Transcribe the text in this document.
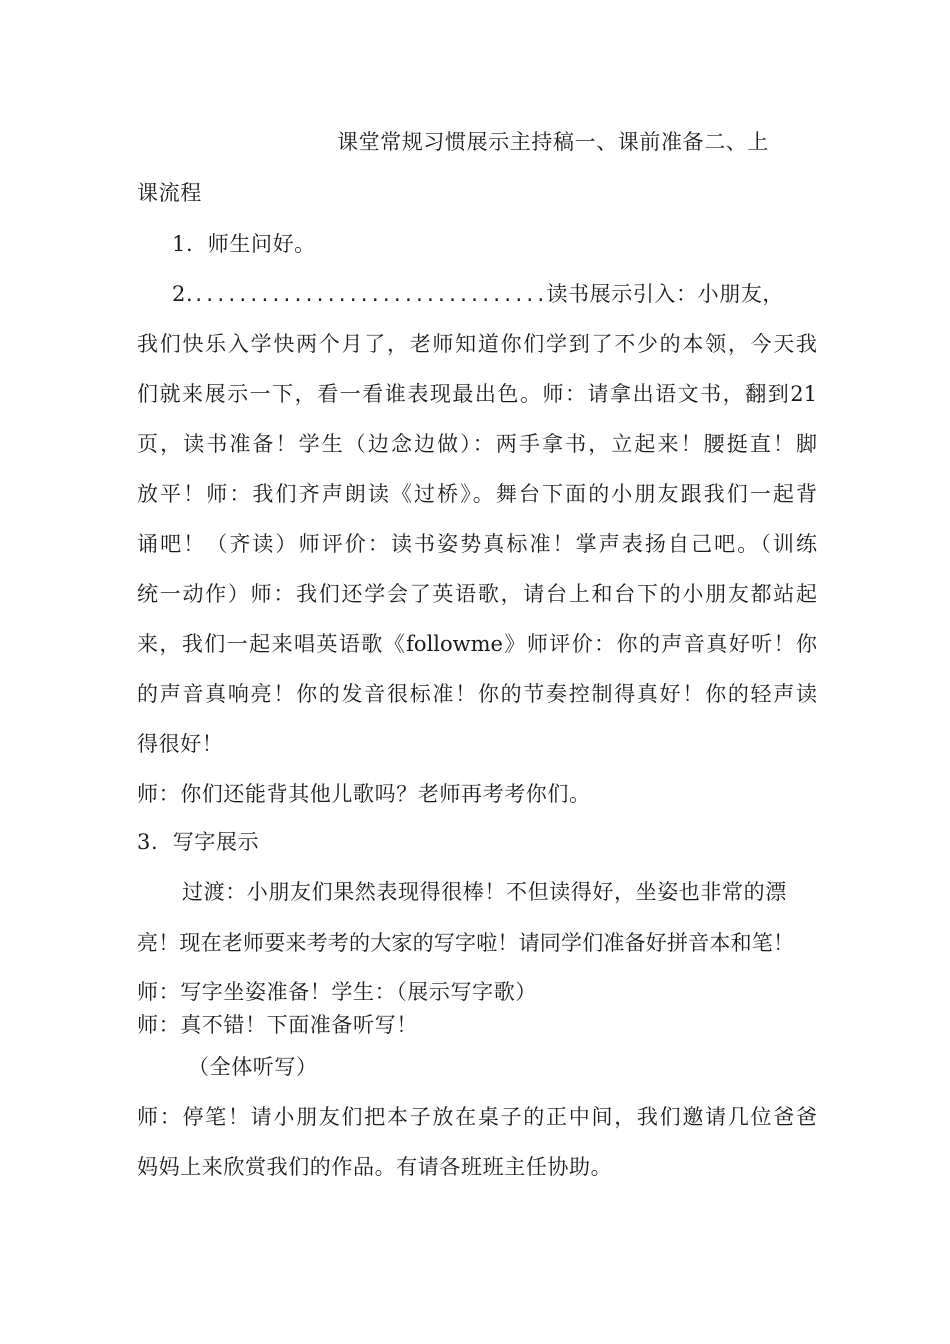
课堂常规习惯展示主持稿一、课前准备二、上
课流程
1.  师生问好。
2.................................读书展示引入：小朋友，
我们快乐入学快两个月了，老师知道你们学到了不少的本领，今天我
们就来展示一下，看一看谁表现最出色。师：请拿出语文书，翻到21
页，读书准备！学生（边念边做）：两手拿书，立起来！腰挺直！脚
放平！师：我们齐声朗读《过桥》。舞台下面的小朋友跟我们一起背
诵吧！（齐读）师评价：读书姿势真标准！掌声表扬自己吧。（训练
统一动作）师：我们还学会了英语歌，请台上和台下的小朋友都站起
来，我们一起来唱英语歌《followme》师评价：你的声音真好听！你
的声音真响亮！你的发音很标准！你的节奏控制得真好！你的轻声读
得很好！
师：你们还能背其他儿歌吗？老师再考考你们。
3.  写字展示
过渡：小朋友们果然表现得很棒！不但读得好，坐姿也非常的漂
亮！现在老师要来考考的大家的写字啦！请同学们准备好拼音本和笔！
师：写字坐姿准备！学生：（展示写字歌）
师：真不错！下面准备听写！
（全体听写）
师：停笔！请小朋友们把本子放在桌子的正中间，我们邀请几位爸爸
妈妈上来欣赏我们的作品。有请各班班主任协助。
